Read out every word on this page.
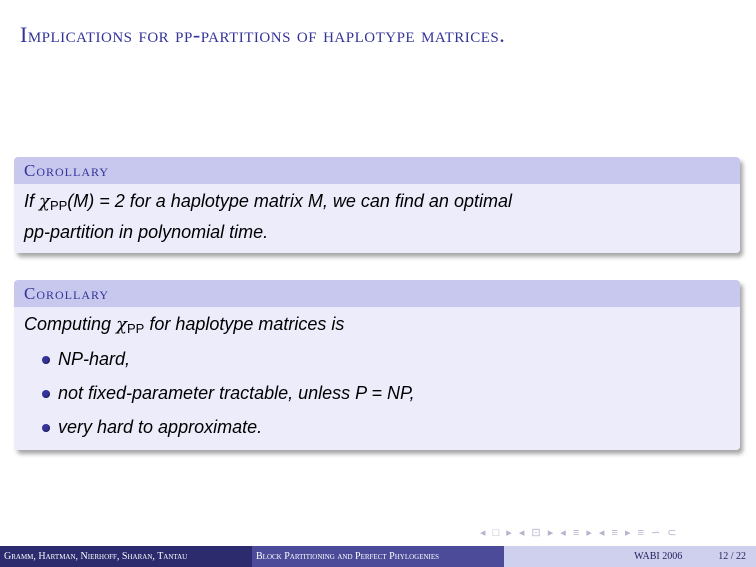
Implications for pp-partitions of haplotype matrices.
Corollary
If $\chi_{PP}(M) = 2$ for a haplotype matrix M, we can find an optimal
pp-partition in polynomial time.
Corollary
Computing $\chi_{PP}$ for haplotype matrices is
NP-hard,
not fixed-parameter tractable, unless P = NP,
very hard to approximate.
◂ □ ▸ ◂ ⊡ ▸ ◂ ≡ ▸ ◂ ≡ ▸ ≡ ∽ ⊂
Gramm, Hartman, Nierhoff, Sharan, Tantau	Block Partitioning and Perfect Phylogenies	WABI 2006	12 / 22
